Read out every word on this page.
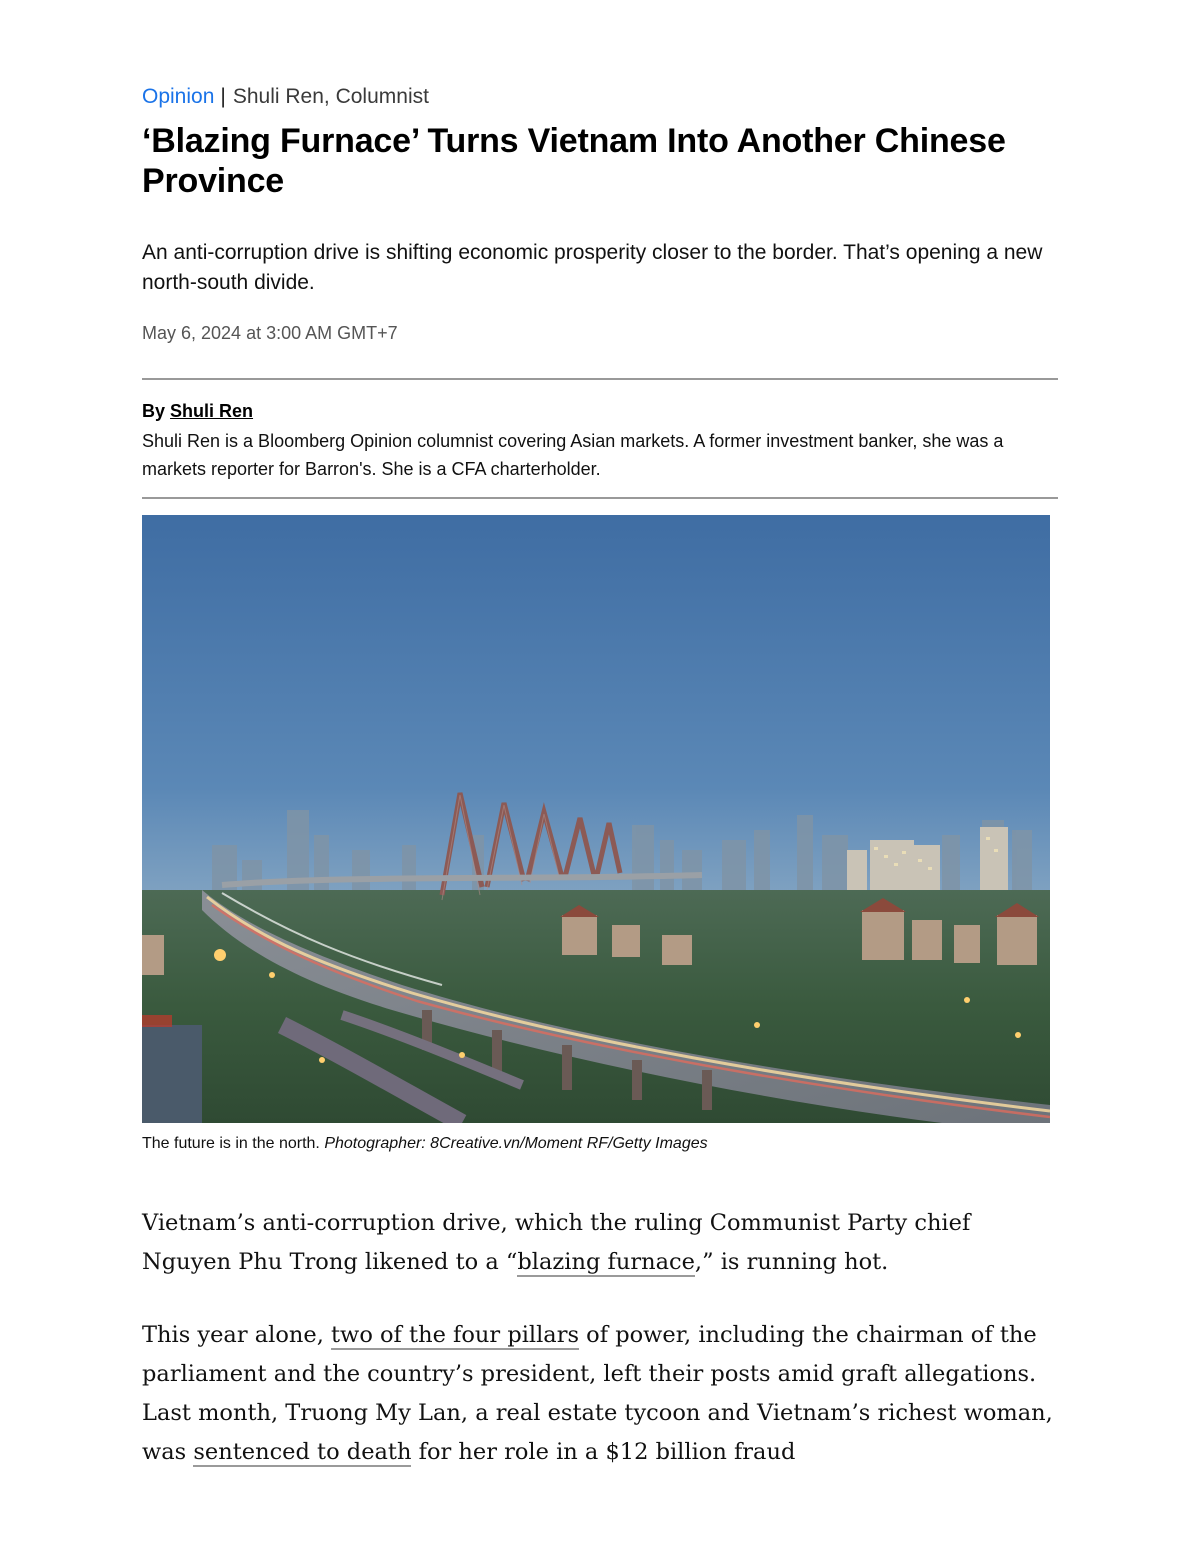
Opinion | Shuli Ren, Columnist
‘Blazing Furnace’ Turns Vietnam Into Another Chinese Province
An anti-corruption drive is shifting economic prosperity closer to the border. That’s opening a new north-south divide.
May 6, 2024 at 3:00 AM GMT+7
By Shuli Ren
Shuli Ren is a Bloomberg Opinion columnist covering Asian markets. A former investment banker, she was a markets reporter for Barron's. She is a CFA charterholder.
The future is in the north. Photographer: 8Creative.vn/Moment RF/Getty Images

Vietnam’s anti-corruption drive, which the ruling Communist Party chief Nguyen Phu Trong likened to a “blazing furnace,” is running hot.

This year alone, two of the four pillars of power, including the chairman of the parliament and the country’s president, left their posts amid graft allegations. Last month, Truong My Lan, a real estate tycoon and Vietnam’s richest woman, was sentenced to death for her role in a $12 billion fraud
